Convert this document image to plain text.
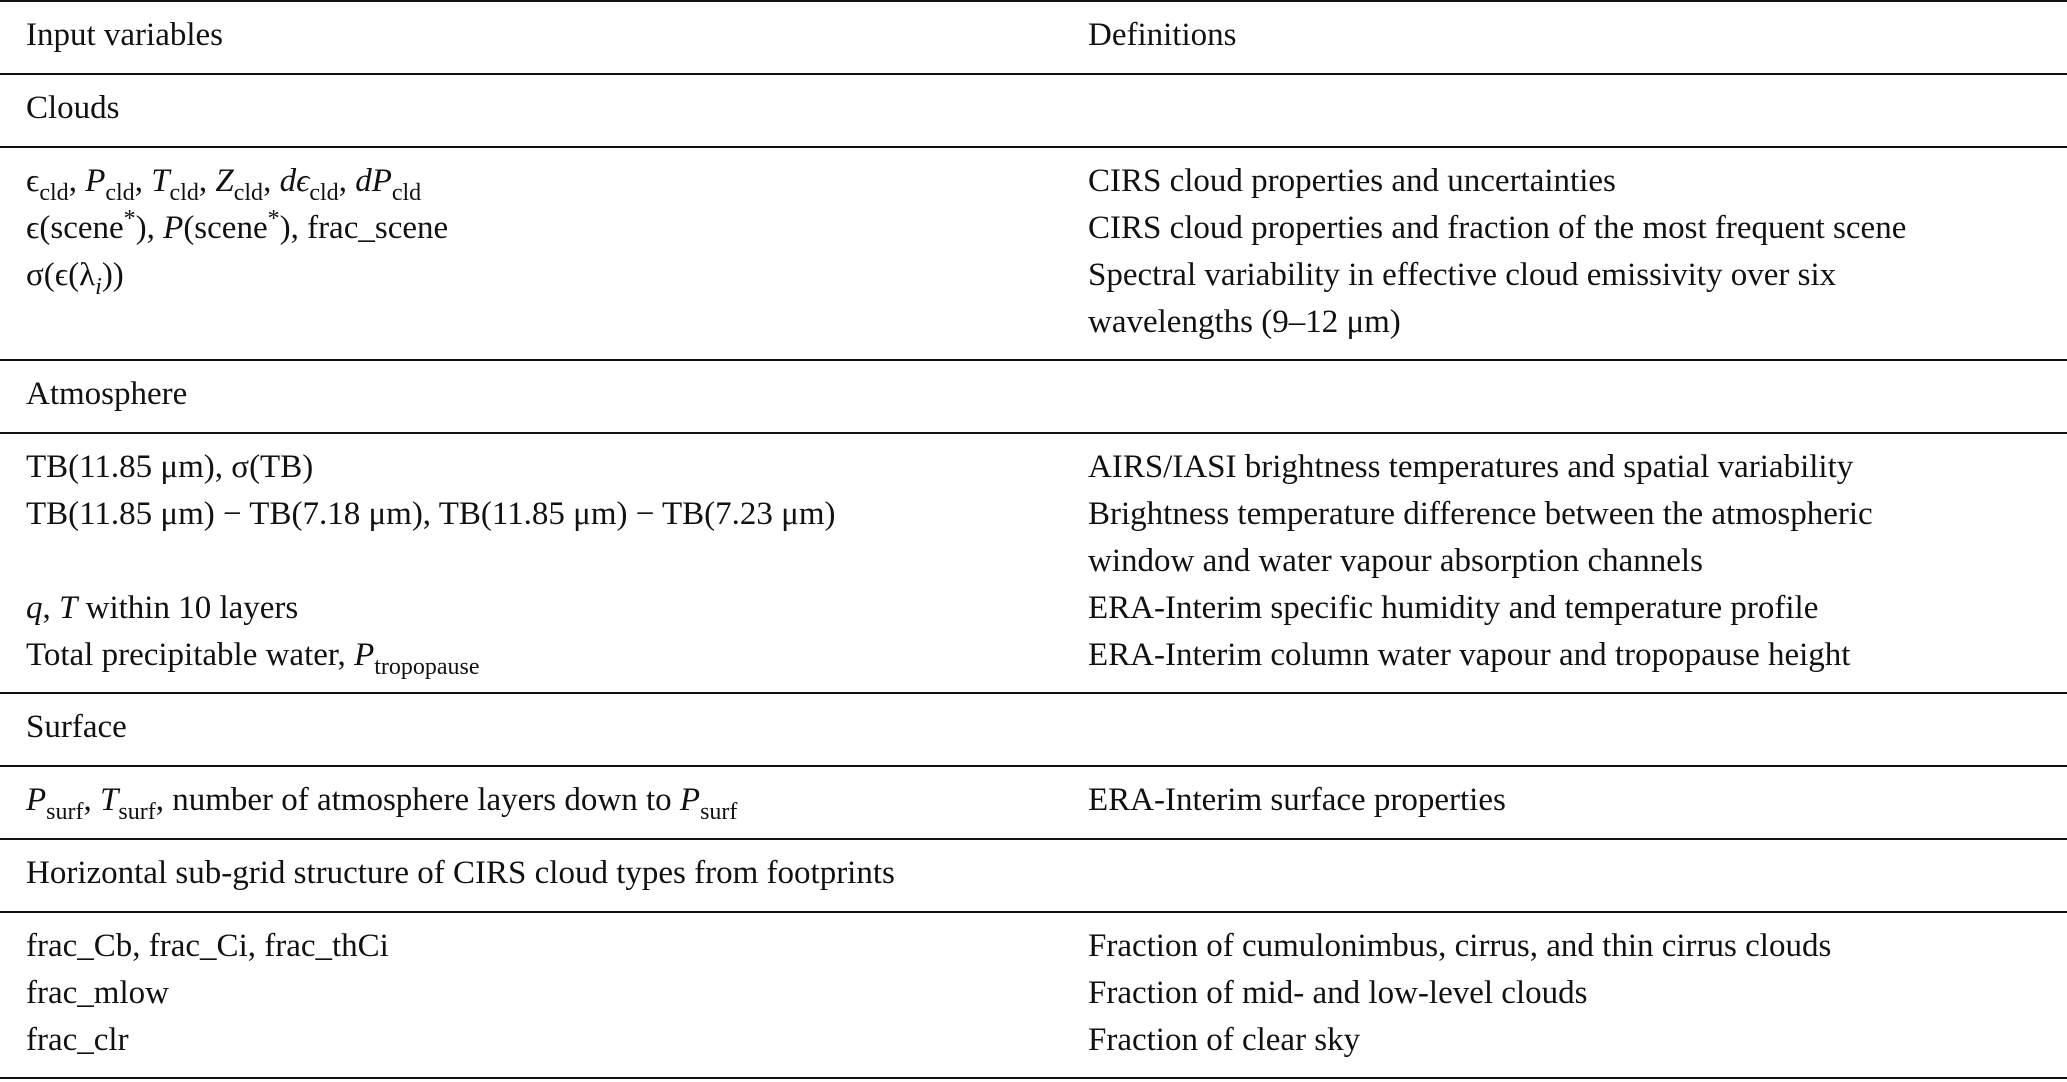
Input variables	Definitions
Clouds
$\epsilon_{cld}$, $P_{cld}$, $T_{cld}$, $Z_{cld}$, $d\epsilon_{cld}$, $dP_{cld}$	CIRS cloud properties and uncertainties
ϵ(scene*), P(scene*), frac_scene	CIRS cloud properties and fraction of the most frequent scene
$\sigma(\epsilon(\lambda_i))$	Spectral variability in effective cloud emissivity over six
wavelengths (9–12 μm)
Atmosphere
TB(11.85 μm), σ(TB)	AIRS/IASI brightness temperatures and spatial variability
TB(11.85 μm) − TB(7.18 μm), TB(11.85 μm) − TB(7.23 μm)	Brightness temperature difference between the atmospheric
window and water vapour absorption channels
q, T within 10 layers	ERA-Interim specific humidity and temperature profile
Total precipitable water, $P_{tropopause}$	ERA-Interim column water vapour and tropopause height
Surface
$P_{surf}$, $T_{surf}$, number of atmosphere layers down to $P_{surf}$	ERA-Interim surface properties
Horizontal sub-grid structure of CIRS cloud types from footprints
frac_Cb, frac_Ci, frac_thCi	Fraction of cumulonimbus, cirrus, and thin cirrus clouds
frac_mlow	Fraction of mid- and low-level clouds
frac_clr	Fraction of clear sky
